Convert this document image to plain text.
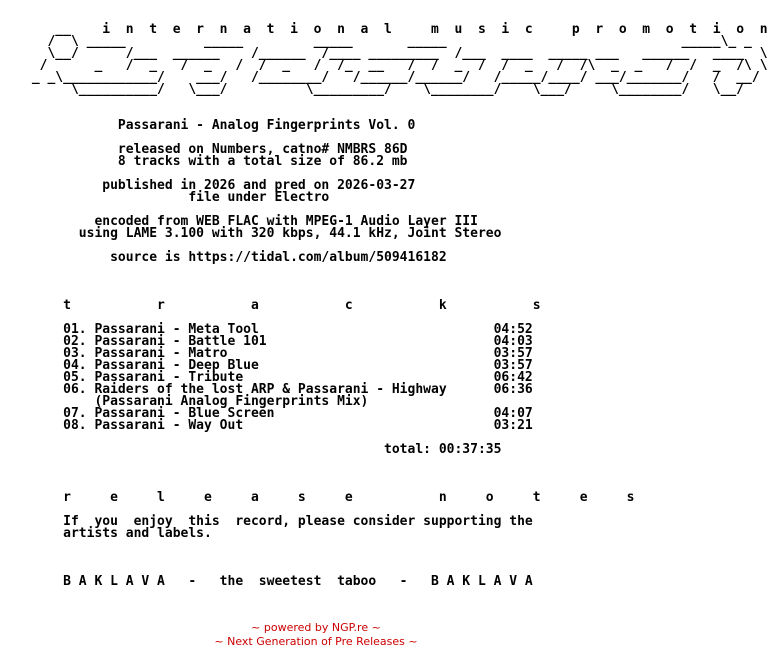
__    i  n  t  e  r  n  a  t  i  o  n  a  l     m  u  s  i  c     p  r  o  m  o  t  i  o  n
/  \ _____          _____         _____       _____                              _____\_ _
\__/      /___  ______    /______  /____ _________  /___  ____  _____ ___   ______   ____  \
/      _   /  _   /  _   /  /  _   /  /_  __   /  /  _  /  /  _   /  /\  _  _   /  /  _  /\ \
_ _\____________/    ___/   /________/   /______/______/   /_____/____/ ___/_______/   /  __/
\__________/   \___/          \_________/    \________/    \___/     \________/   \__/

Passarani - Analog Fingerprints Vol. 0

released on Numbers, catno# NMBRS 86D
8 tracks with a total size of 86.2 mb

published in 2026 and pred on 2026-03-27
file under Electro

encoded from WEB FLAC with MPEG-1 Audio Layer III
using LAME 3.100 with 320 kbps, 44.1 kHz, Joint Stereo

source is https://tidal.com/album/509416182

t           r           a           c           k           s

01. Passarani - Meta Tool                              04:52
02. Passarani - Battle 101                             04:03
03. Passarani - Matro                                  03:57
04. Passarani - Deep Blue                              03:57
05. Passarani - Tribute                                06:42
06. Raiders of the lost ARP & Passarani - Highway      06:36
(Passarani Analog Fingerprints Mix)
07. Passarani - Blue Screen                            04:07
08. Passarani - Way Out                                03:21

total: 00:37:35

r     e     l     e     a     s     e           n     o     t     e     s

If  you  enjoy  this  record, please consider supporting the
artists and labels.

B A K L A V A   -   the  sweetest  taboo   -   B A K L A V A
~ powered by NGP.re ~
~ Next Generation of Pre Releases ~
